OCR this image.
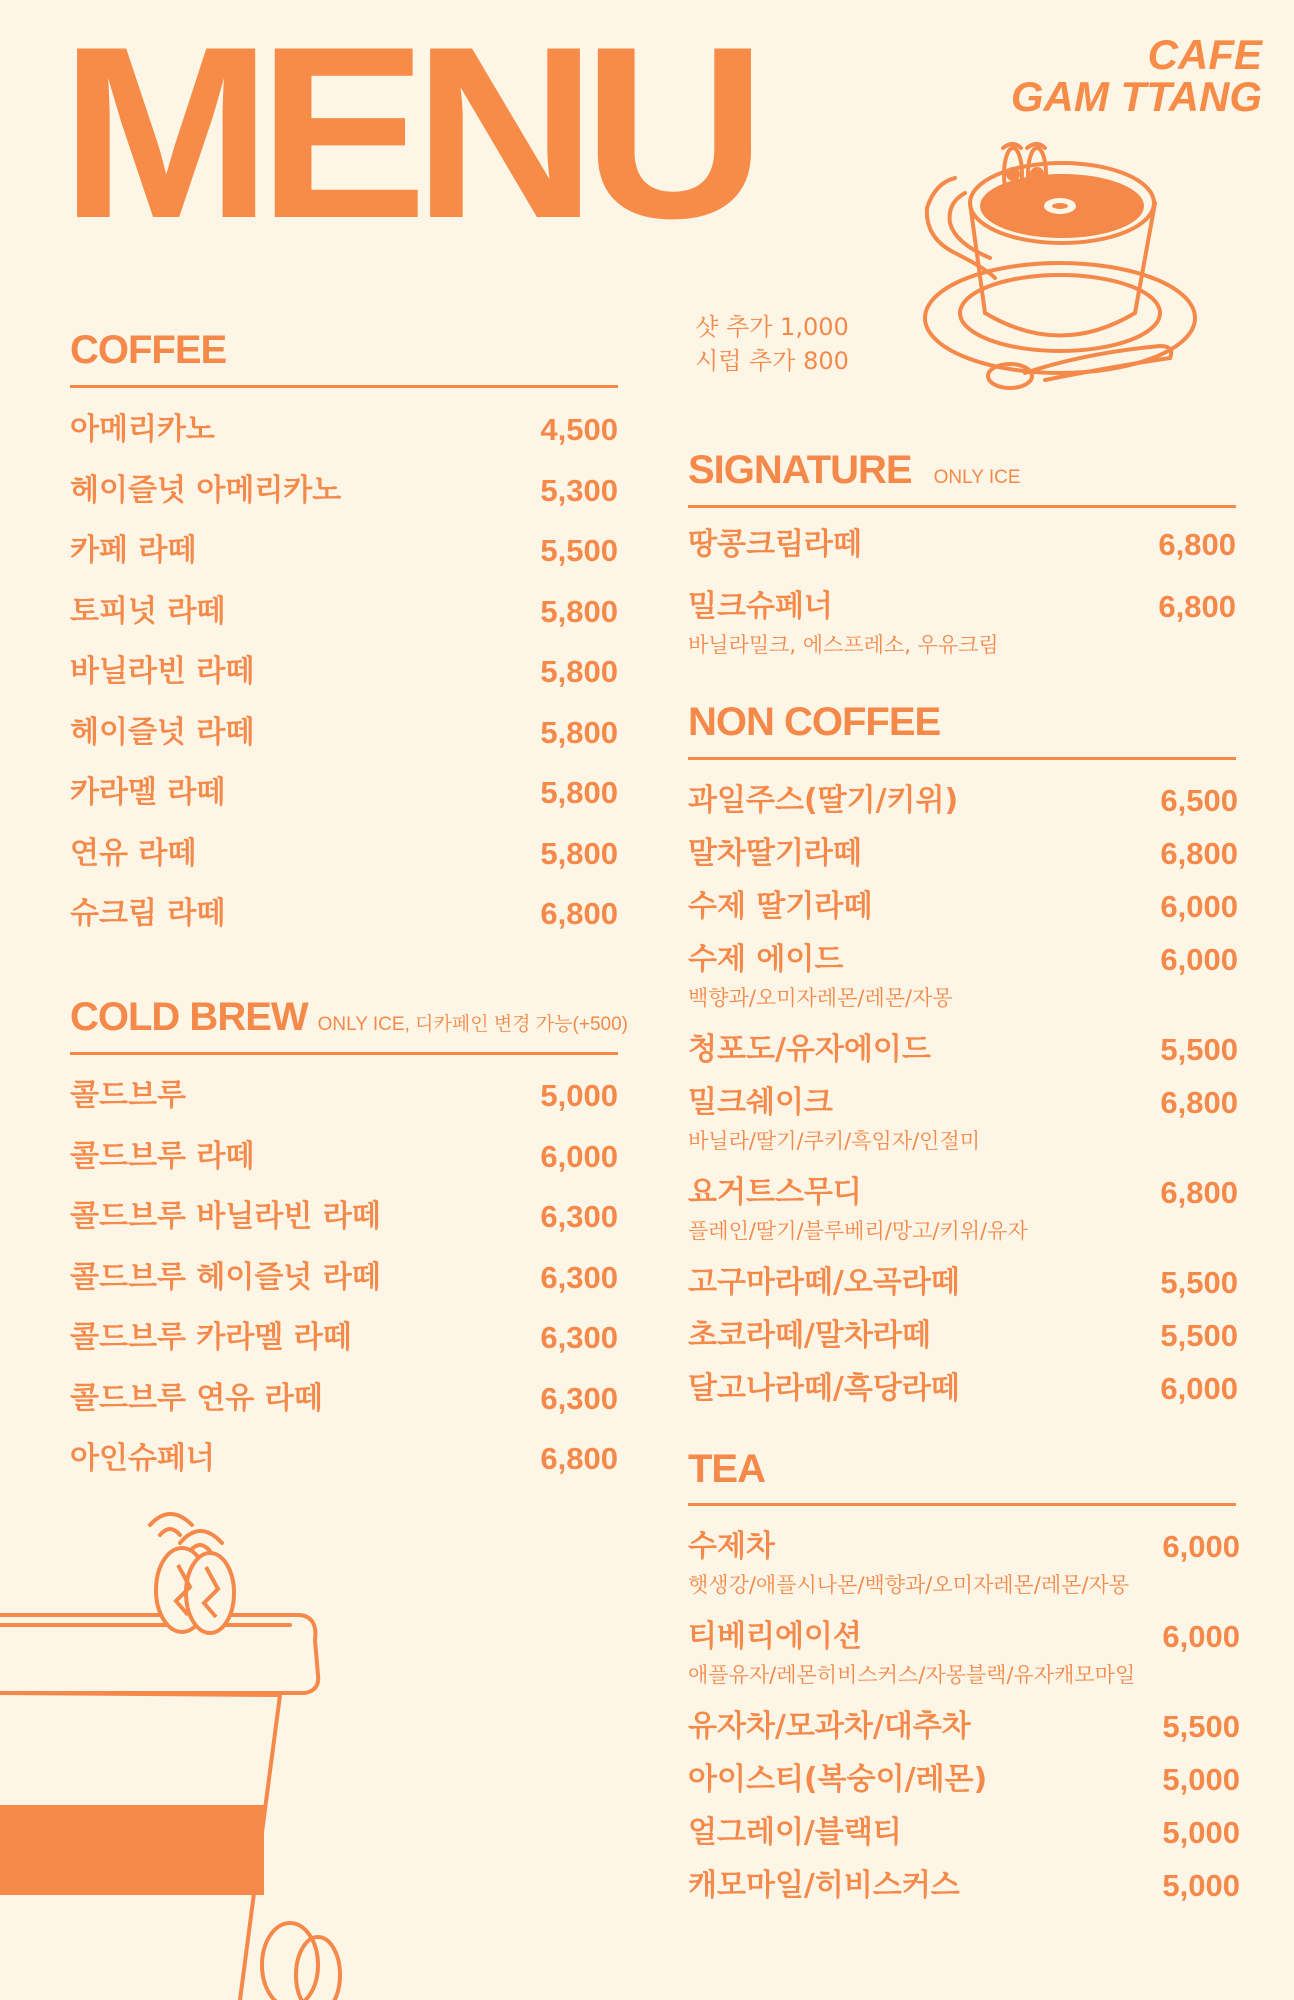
MENU	CAFE
GAM TTANG
샷 추가 1,000
시럽 추가 800
COFFEE
아메리카노	4,500
헤이즐넛 아메리카노	5,300
카페 라떼	5,500
토피넛 라떼	5,800
바닐라빈 라떼	5,800
헤이즐넛 라떼	5,800
카라멜 라떼	5,800
연유 라떼	5,800
슈크림 라떼	6,800
COLD BREW ONLY ICE, 디카페인 변경 가능(+500)
콜드브루	5,000
콜드브루 라떼	6,000
콜드브루 바닐라빈 라떼	6,300
콜드브루 헤이즐넛 라떼	6,300
콜드브루 카라멜 라떼	6,300
콜드브루 연유 라떼	6,300
아인슈페너	6,800
SIGNATURE ONLY ICE
땅콩크림라떼	6,800
밀크슈페너	6,800
바닐라밀크, 에스프레소, 우유크림
NON COFFEE
과일주스(딸기/키위)	6,500
말차딸기라떼	6,800
수제 딸기라떼	6,000
수제 에이드	6,000
백향과/오미자레몬/레몬/자몽
청포도/유자에이드	5,500
밀크쉐이크	6,800
바닐라/딸기/쿠키/흑임자/인절미
요거트스무디	6,800
플레인/딸기/블루베리/망고/키위/유자
고구마라떼/오곡라떼	5,500
초코라떼/말차라떼	5,500
달고나라떼/흑당라떼	6,000
TEA
수제차	6,000
햇생강/애플시나몬/백향과/오미자레몬/레몬/자몽
티베리에이션	6,000
애플유자/레몬히비스커스/자몽블랙/유자캐모마일
유자차/모과차/대추차	5,500
아이스티(복숭이/레몬)	5,000
얼그레이/블랙티	5,000
캐모마일/히비스커스	5,000
